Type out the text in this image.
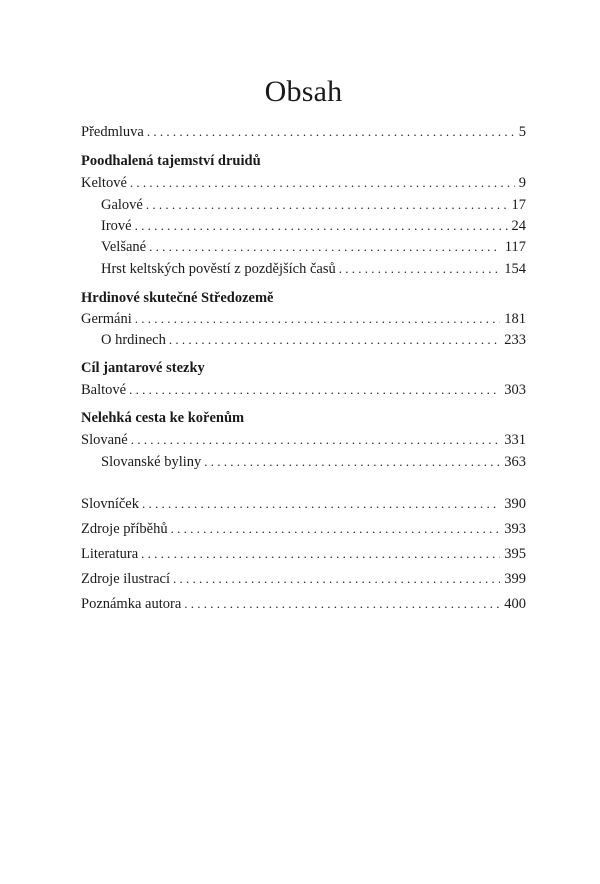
Obsah
Předmluva . . .	5
Poodhalená tajemství druidů
Keltové . . .	9
Galové . . .	17
Irové . . .	24
Velšané . . .	117
Hrst keltských pověstí z pozdějších časů . . .	154
Hrdinové skutečné Středozemě
Germáni . . .	181
O hrdinech . . .	233
Cíl jantarové stezky
Baltové . . .	303
Nelehká cesta ke kořenům
Slované . . .	331
Slovanské byliny . . .	363
Slovníček . . .	390
Zdroje příběhů . . .	393
Literatura . . .	395
Zdroje ilustrací . . .	399
Poznámka autora . . .	400
